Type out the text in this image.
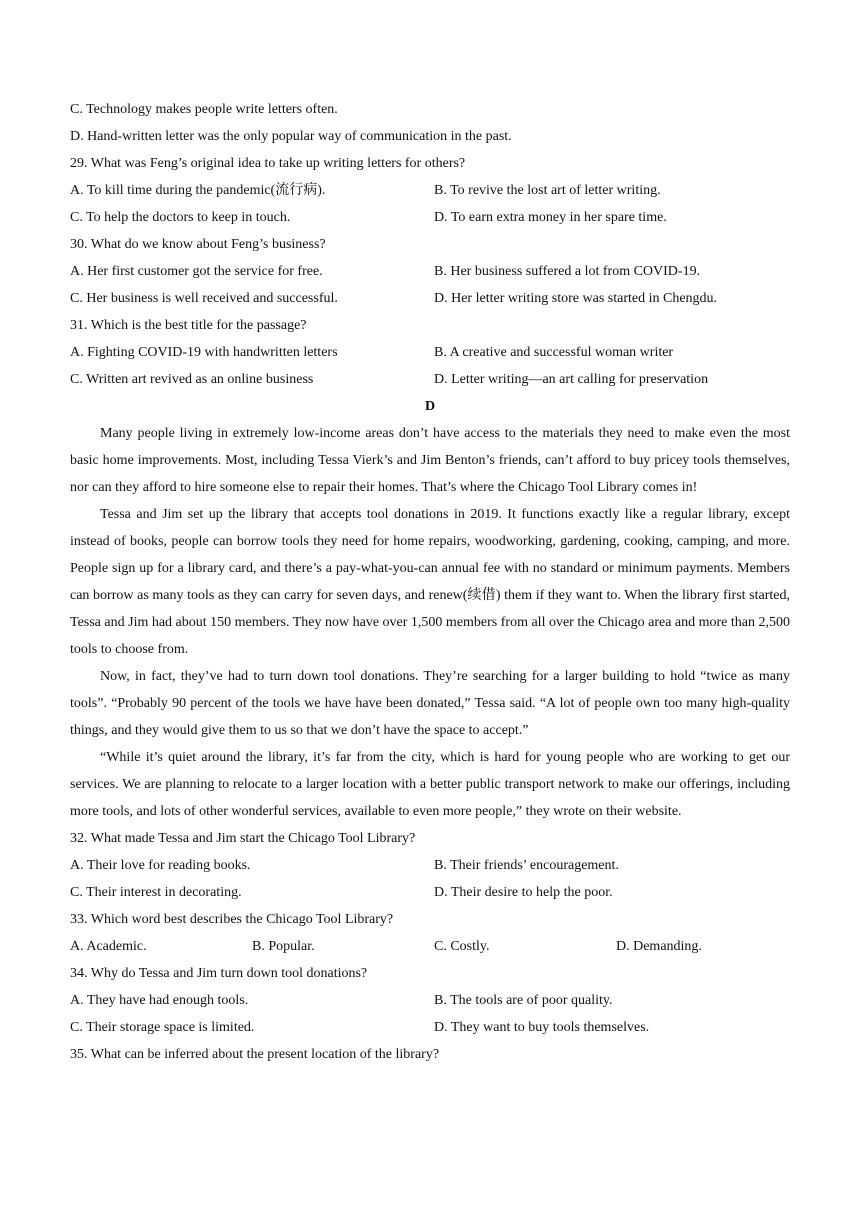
C. Technology makes people write letters often.
D. Hand-written letter was the only popular way of communication in the past.
29. What was Feng’s original idea to take up writing letters for others?
A. To kill time during the pandemic(流行病).	B. To revive the lost art of letter writing.
C. To help the doctors to keep in touch.	D. To earn extra money in her spare time.
30. What do we know about Feng’s business?
A. Her first customer got the service for free.	B. Her business suffered a lot from COVID-19.
C. Her business is well received and successful.	D. Her letter writing store was started in Chengdu.
31. Which is the best title for the passage?
A. Fighting COVID-19 with handwritten letters	B. A creative and successful woman writer
C. Written art revived as an online business	D. Letter writing—an art calling for preservation
D

Many people living in extremely low-income areas don’t have access to the materials they need to make even the most basic home improvements. Most, including Tessa Vierk’s and Jim Benton’s friends, can’t afford to buy pricey tools themselves, nor can they afford to hire someone else to repair their homes. That’s where the Chicago Tool Library comes in!

Tessa and Jim set up the library that accepts tool donations in 2019. It functions exactly like a regular library, except instead of books, people can borrow tools they need for home repairs, woodworking, gardening, cooking, camping, and more. People sign up for a library card, and there’s a pay-what-you-can annual fee with no standard or minimum payments. Members can borrow as many tools as they can carry for seven days, and renew(续借) them if they want to. When the library first started, Tessa and Jim had about 150 members. They now have over 1,500 members from all over the Chicago area and more than 2,500 tools to choose from.

Now, in fact, they’ve had to turn down tool donations. They’re searching for a larger building to hold “twice as many tools”. “Probably 90 percent of the tools we have have been donated,” Tessa said. “A lot of people own too many high-quality things, and they would give them to us so that we don’t have the space to accept.”

“While it’s quiet around the library, it’s far from the city, which is hard for young people who are working to get our services. We are planning to relocate to a larger location with a better public transport network to make our offerings, including more tools, and lots of other wonderful services, available to even more people,” they wrote on their website.

32. What made Tessa and Jim start the Chicago Tool Library?
A. Their love for reading books.	B. Their friends’ encouragement.
C. Their interest in decorating.	D. Their desire to help the poor.
33. Which word best describes the Chicago Tool Library?
A. Academic.	B. Popular.	C. Costly.	D. Demanding.
34. Why do Tessa and Jim turn down tool donations?
A. They have had enough tools.	B. The tools are of poor quality.
C. Their storage space is limited.	D. They want to buy tools themselves.
35. What can be inferred about the present location of the library?
